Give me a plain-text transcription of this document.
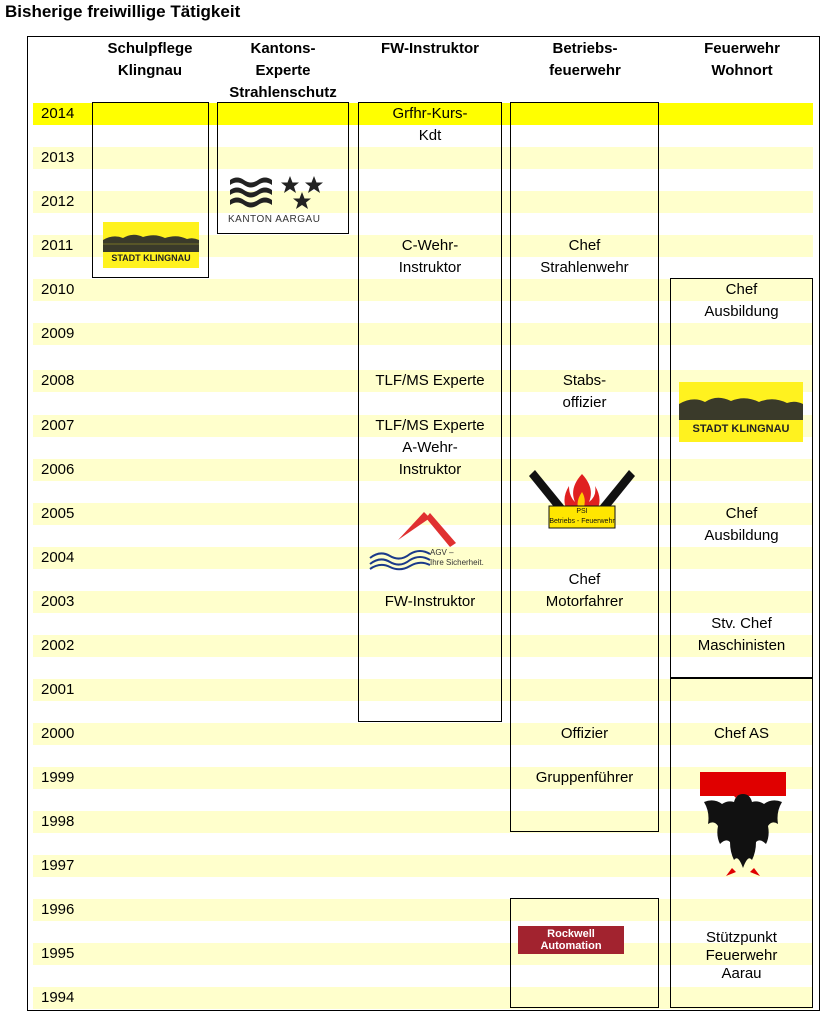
Bisherige freiwillige Tätigkeit
2014
2013
2012
2011
2010
2009
2008
2007
2006
2005
2004
2003
2002
2001
2000
1999
1998
1997
1996
1995
1994
Schulpflege
Klingnau
Kantons-
Experte
Strahlenschutz
FW-Instruktor	Betriebs-
feuerwehr
Feuerwehr
Wohnort
Grfhr-Kurs-
Kdt
C-Wehr-
Instruktor
TLF/MS Experte
TLF/MS Experte
A-Wehr-
Instruktor
FW-Instruktor
Chef
Strahlenwehr
Stabs-
offizier
Chef
Motorfahrer
Offizier
Gruppenführer
Chef
Ausbildung
Chef
Ausbildung
Stv. Chef
Maschinisten
Chef AS
Stützpunkt
Feuerwehr
Aarau
STADT KLINGNAU
KANTON AARGAU
AGV –
Ihre Sicherheit.
PSI
Betriebs - Feuerwehr
STADT KLINGNAU
Rockwell
Automation
